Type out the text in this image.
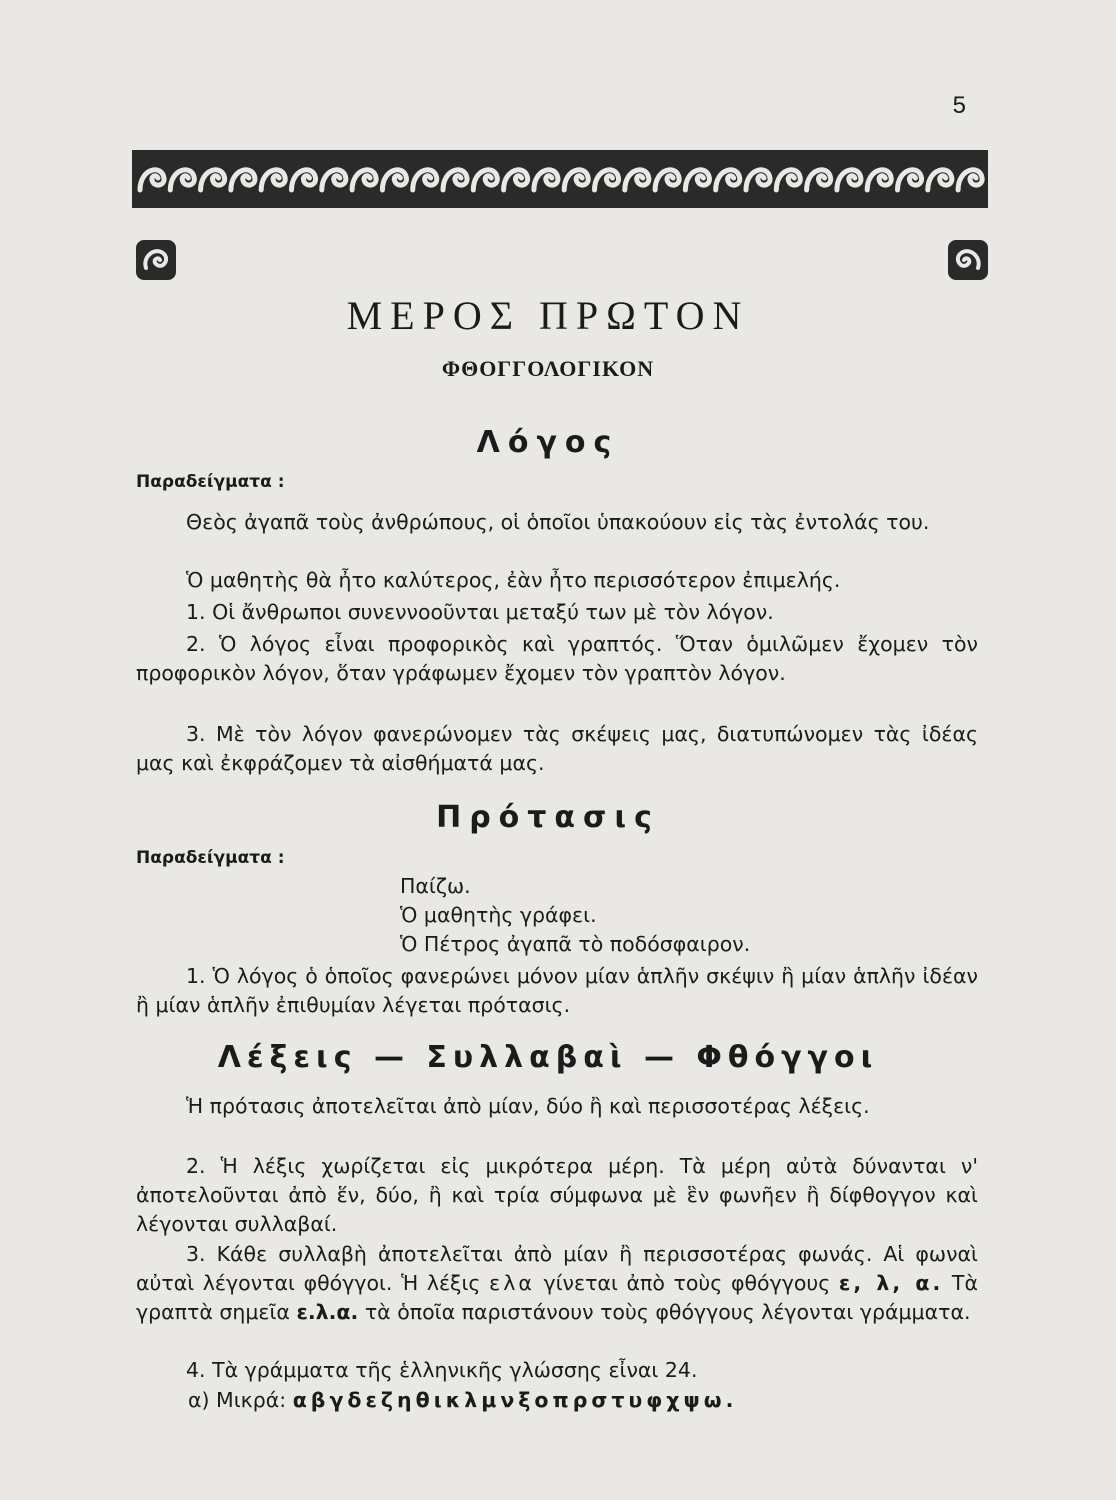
5
ΜΕΡΟΣ ΠΡΩΤΟΝ
ΦΘΟΓΓΟΛΟΓΙΚΟΝ
Λόγος
Παραδείγματα :
Θεὸς ἀγαπᾶ τοὺς ἀνθρώπους, οἱ ὁποῖοι ὑπακούουν εἰς τὰς ἐντολάς του.
Ὁ μαθητὴς θὰ ἦτο καλύτερος, ἐὰν ἦτο περισσότερον ἐπιμελής.
1. Οἱ ἄνθρωποι συνεννοοῦνται μεταξύ των μὲ τὸν λόγον.
2. Ὁ λόγος εἶναι προφορικὸς καὶ γραπτός. Ὅταν ὁμιλῶμεν ἔχομεν τὸν προφορικὸν λόγον, ὅταν γράφωμεν ἔχομεν τὸν γραπτὸν λόγον.
3. Μὲ τὸν λόγον φανερώνομεν τὰς σκέψεις μας, διατυπώνομεν τὰς ἰδέας μας καὶ ἐκφράζομεν τὰ αἰσθήματά μας.
Πρότασις
Παραδείγματα :
Παίζω.
Ὁ μαθητὴς γράφει.
Ὁ Πέτρος ἀγαπᾶ τὸ ποδόσφαιρον.
1. Ὁ λόγος ὁ ὁποῖος φανερώνει μόνον μίαν ἁπλῆν σκέψιν ἢ μίαν ἁπλῆν ἰδέαν ἢ μίαν ἁπλῆν ἐπιθυμίαν λέγεται πρότασις.
Λέξεις — Συλλαβαὶ — Φθόγγοι
Ἡ πρότασις ἀποτελεῖται ἀπὸ μίαν, δύο ἢ καὶ περισσοτέρας λέξεις.
2. Ἡ λέξις χωρίζεται εἰς μικρότερα μέρη. Τὰ μέρη αὐτὰ δύνανται ν' ἀποτελοῦνται ἀπὸ ἕν, δύο, ἢ καὶ τρία σύμφωνα μὲ ἓν φωνῆεν ἢ δίφθογγον καὶ λέγονται συλλαβαί.
3. Κάθε συλλαβὴ ἀποτελεῖται ἀπὸ μίαν ἢ περισσοτέρας φωνάς. Αἱ φωναὶ αὐταὶ λέγονται φθόγγοι. Ἡ λέξις ελα γίνεται ἀπὸ τοὺς φθόγγους ε, λ, α. Τὰ γραπτὰ σημεῖα ε.λ.α. τὰ ὁποῖα παριστάνουν τοὺς φθόγγους λέγονται γράμματα.
4. Τὰ γράμματα τῆς ἑλληνικῆς γλώσσης εἶναι 24.
α) Μικρά: αβγδεζηθικλμνξοπρστυφχψω.
